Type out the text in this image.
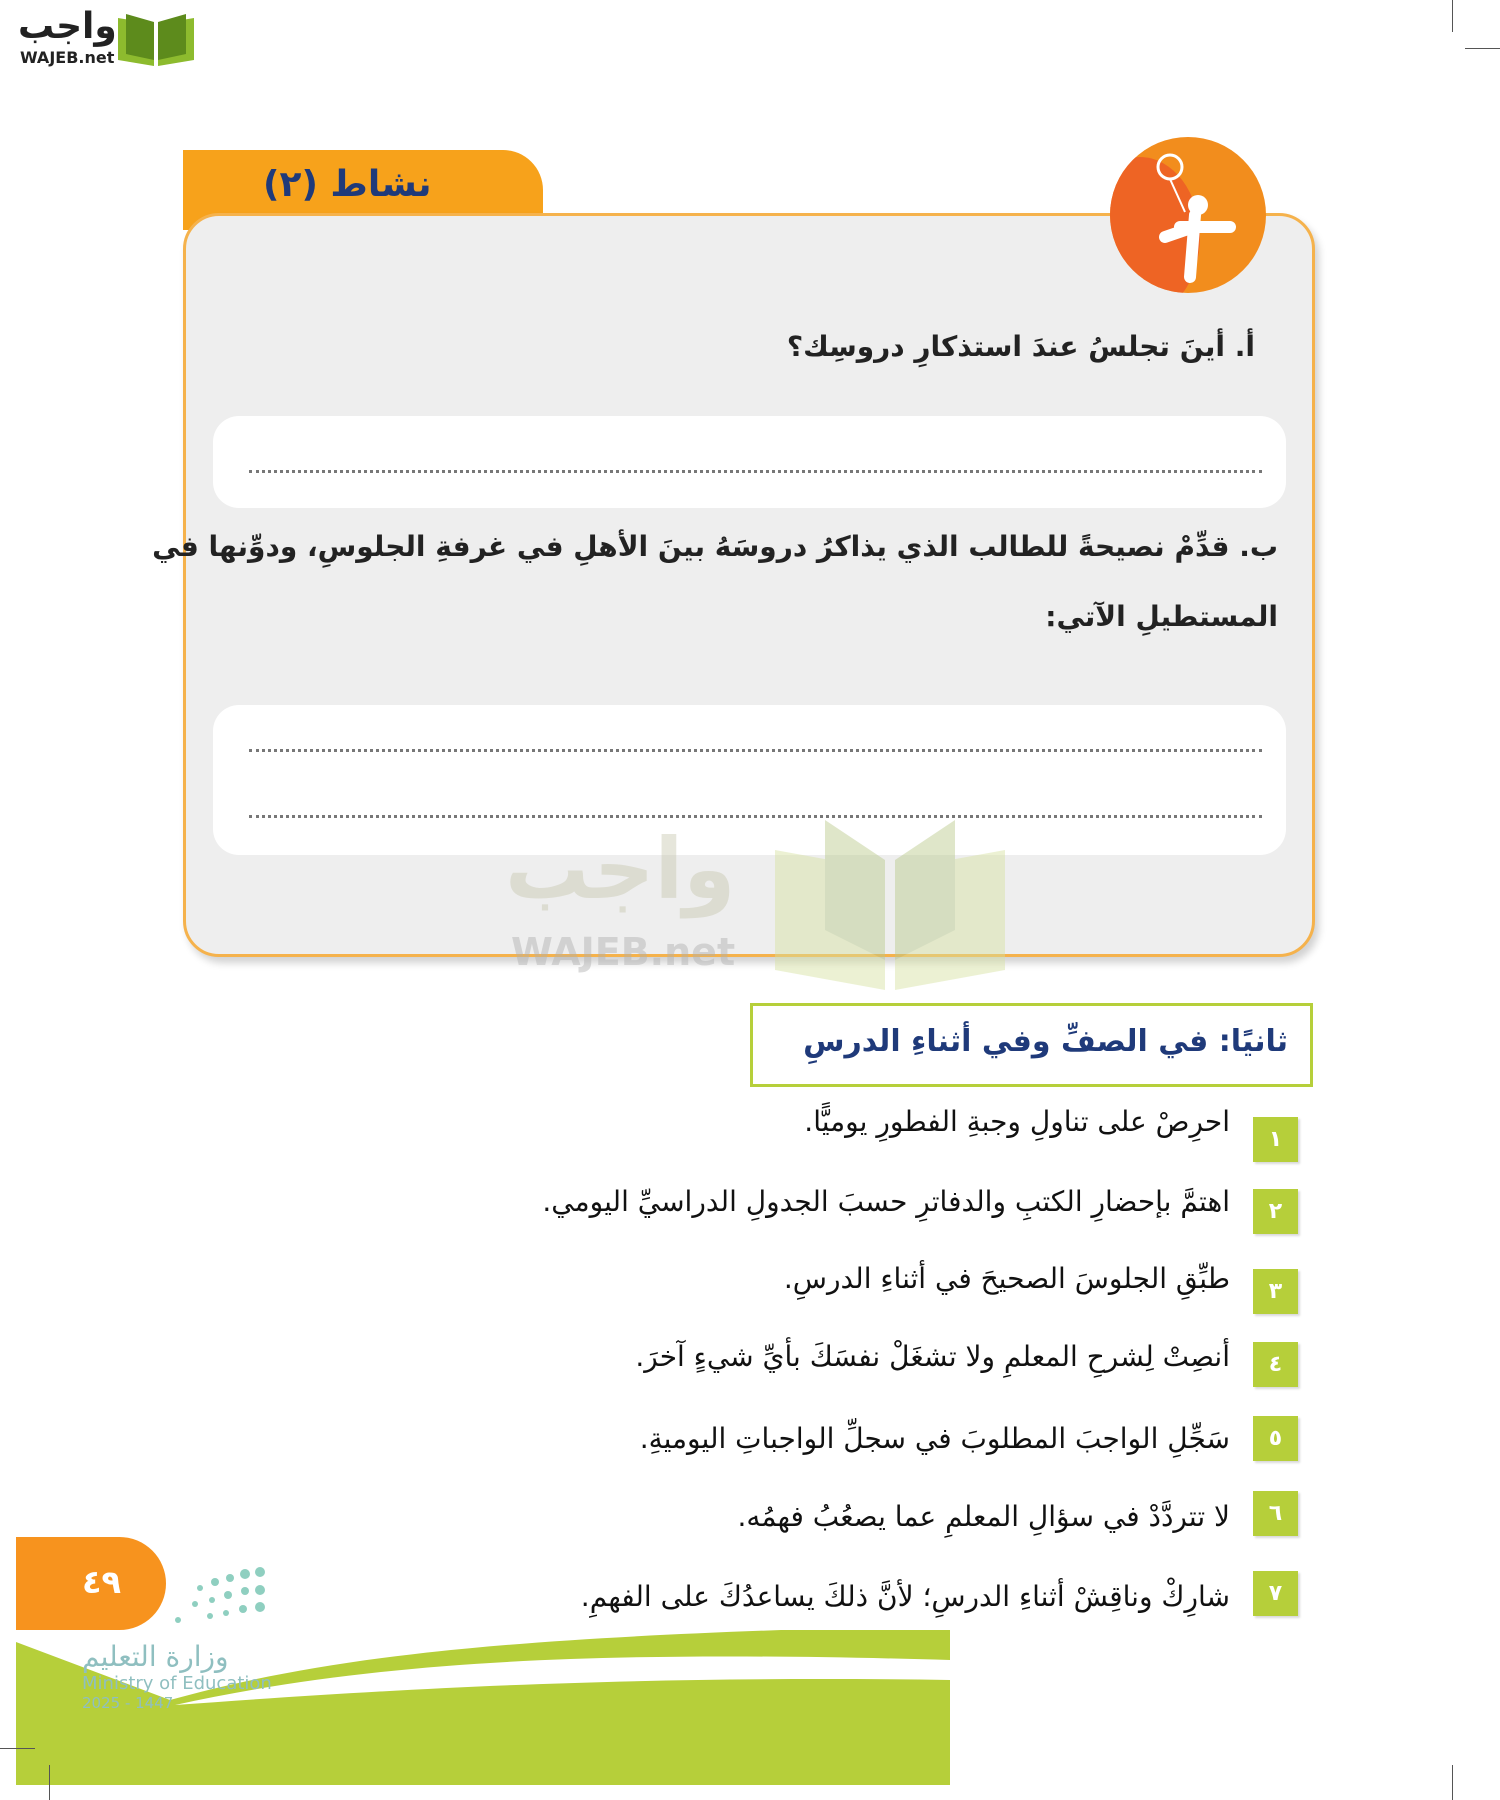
واجب
WAJEB.net
نشاط (٢)
أ. أينَ تجلسُ عندَ استذكارِ دروسِك؟
ب. قدِّمْ نصيحةً للطالب الذي يذاكرُ دروسَهُ بينَ الأهلِ في غرفةِ الجلوسِ، ودوِّنها في
المستطيلِ الآتي:
واجب
WAJEB.net
ثانيًا: في الصفِّ وفي أثناءِ الدرسِ
١
احرِصْ على تناولِ وجبةِ الفطورِ يوميًّا.
٢
اهتمَّ بإحضارِ الكتبِ والدفاترِ حسبَ الجدولِ الدراسيِّ اليومي.
٣
طبِّقِ الجلوسَ الصحيحَ في أثناءِ الدرسِ.
٤
أنصِتْ لِشرحِ المعلمِ ولا تشغَلْ نفسَكَ بأيِّ شيءٍ آخرَ.
٥
سَجِّلِ الواجبَ المطلوبَ في سجلِّ الواجباتِ اليوميةِ.
٦
لا تتردَّدْ في سؤالِ المعلمِ عما يصعُبُ فهمُه.
٧
شارِكْ وناقِشْ أثناءِ الدرسِ؛ لأنَّ ذلكَ يساعدُكَ على الفهمِ.
٤٩
وزارة التعليم
Ministry of Education
2025 - 1447
